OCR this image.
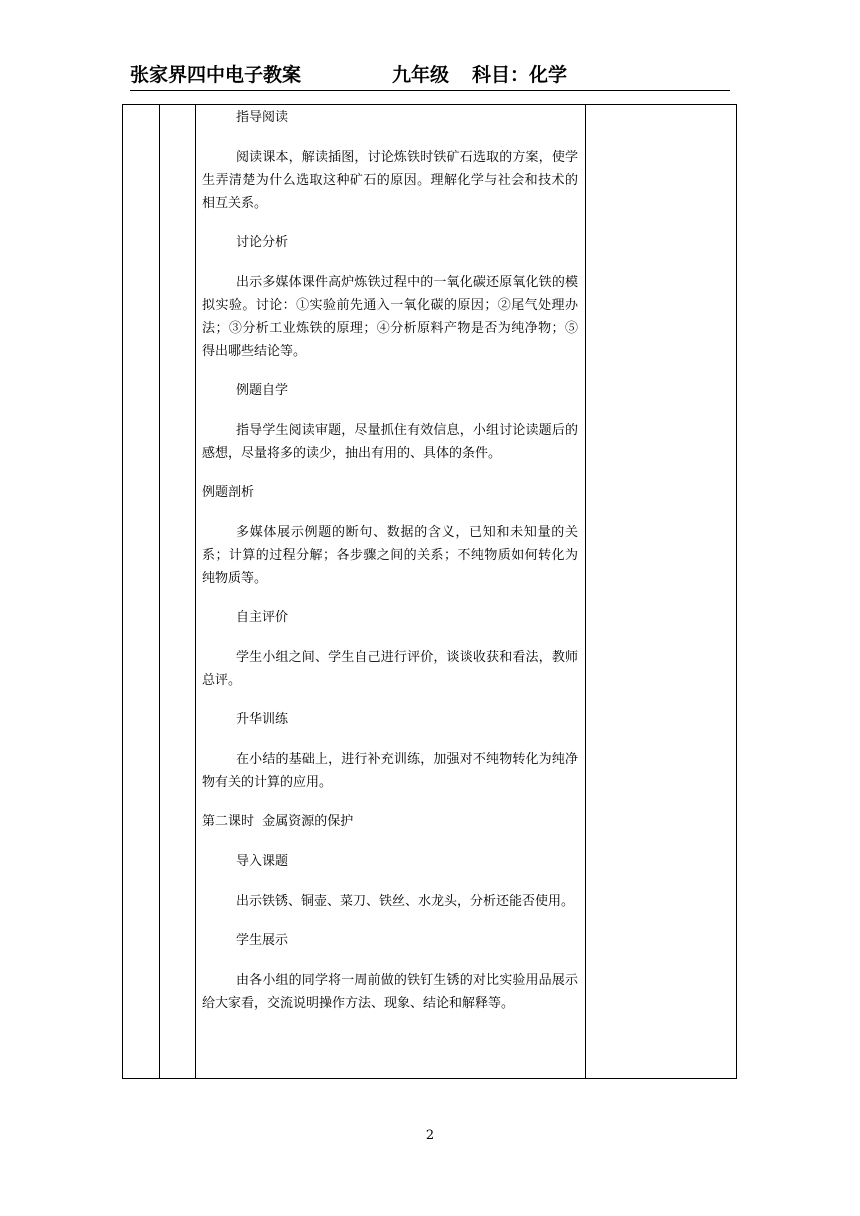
张家界四中电子教案	九年级 科目：化学

指导阅读

阅读课本，解读插图，讨论炼铁时铁矿石选取的方案，使学生弄清楚为什么选取这种矿石的原因。理解化学与社会和技术的相互关系。

讨论分析

出示多媒体课件高炉炼铁过程中的一氧化碳还原氧化铁的模拟实验。讨论：①实验前先通入一氧化碳的原因；②尾气处理办法；③分析工业炼铁的原理；④分析原料产物是否为纯净物；⑤得出哪些结论等。

例题自学

指导学生阅读审题，尽量抓住有效信息，小组讨论读题后的感想，尽量将多的读少，抽出有用的、具体的条件。

例题剖析

多媒体展示例题的断句、数据的含义，已知和未知量的关系；计算的过程分解；各步骤之间的关系；不纯物质如何转化为纯物质等。

自主评价

学生小组之间、学生自己进行评价，谈谈收获和看法，教师总评。

升华训练

在小结的基础上，进行补充训练，加强对不纯物转化为纯净物有关的计算的应用。

第二课时  金属资源的保护

导入课题

出示铁锈、铜壶、菜刀、铁丝、水龙头，分析还能否使用。

学生展示

由各小组的同学将一周前做的铁钉生锈的对比实验用品展示给大家看，交流说明操作方法、现象、结论和解释等。

2
